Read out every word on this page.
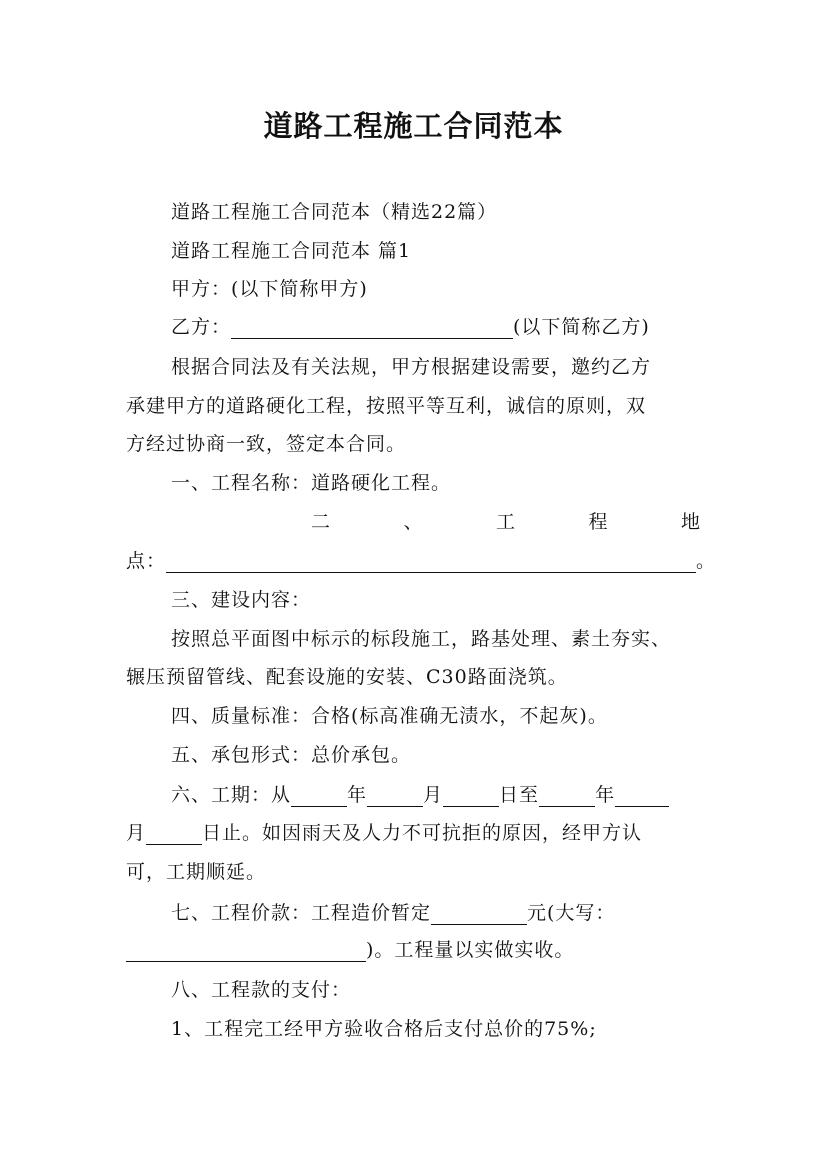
道路工程施工合同范本
道路工程施工合同范本（精选22篇）
道路工程施工合同范本 篇1
甲方：(以下简称甲方)
乙方：	(以下简称乙方)
根据合同法及有关法规，甲方根据建设需要，邀约乙方
承建甲方的道路硬化工程，按照平等互利，诚信的原则，双
方经过协商一致，签定本合同。
一、工程名称：道路硬化工程。
二	、	工	程	地
点：	。
三、建设内容：
按照总平面图中标示的标段施工，路基处理、素土夯实、
辗压预留管线、配套设施的安装、C30路面浇筑。
四、质量标准：合格(标高准确无渍水，不起灰)。
五、承包形式：总价承包。
六、工期：从	年	月	日至	年
月	日止。如因雨天及人力不可抗拒的原因，经甲方认
可，工期顺延。
七、工程价款：工程造价暂定	元(大写：
)。工程量以实做实收。
八、工程款的支付：
1、工程完工经甲方验收合格后支付总价的75%;
